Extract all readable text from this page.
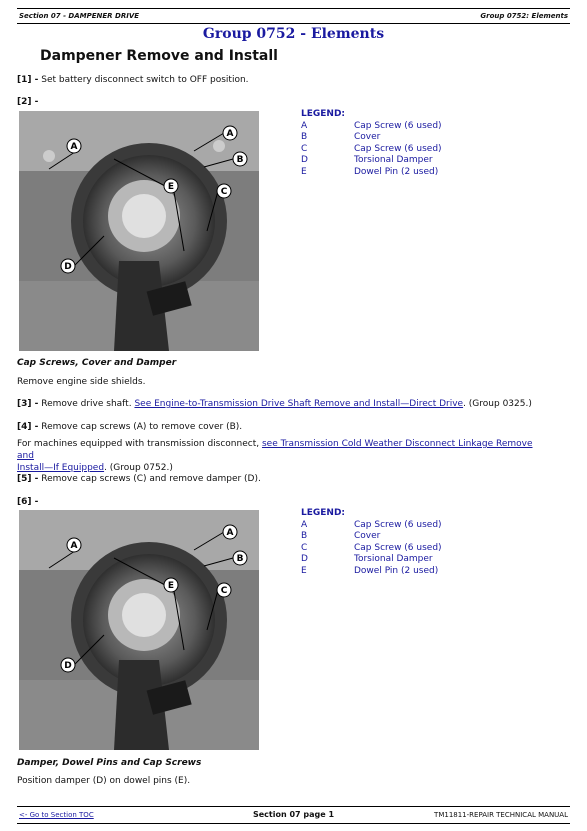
Section 07 - DAMPENER DRIVE	Group 0752: Elements
Group 0752 - Elements
Dampener Remove and Install
[1] - Set battery disconnect switch to OFF position.
[2] -
A
A
B
C
D
E
LEGEND:
A	Cap Screw (6 used)
B	Cover
C	Cap Screw (6 used)
D	Torsional Damper
E	Dowel Pin (2 used)
Cap Screws, Cover and Damper
Remove engine side shields.
[3] - Remove drive shaft. See Engine-to-Transmission Drive Shaft Remove and Install—Direct Drive. (Group 0325.)
[4] - Remove cap screws (A) to remove cover (B).
For machines equipped with transmission disconnect, see Transmission Cold Weather Disconnect Linkage Remove and
Install—If Equipped. (Group 0752.)
[5] - Remove cap screws (C) and remove damper (D).
[6] -
A
A
B
C
D
E
LEGEND:
A	Cap Screw (6 used)
B	Cover
C	Cap Screw (6 used)
D	Torsional Damper
E	Dowel Pin (2 used)
Damper, Dowel Pins and Cap Screws
Position damper (D) on dowel pins (E).
<- Go to Section TOC	Section 07 page 1	TM11811-REPAIR TECHNICAL MANUAL
